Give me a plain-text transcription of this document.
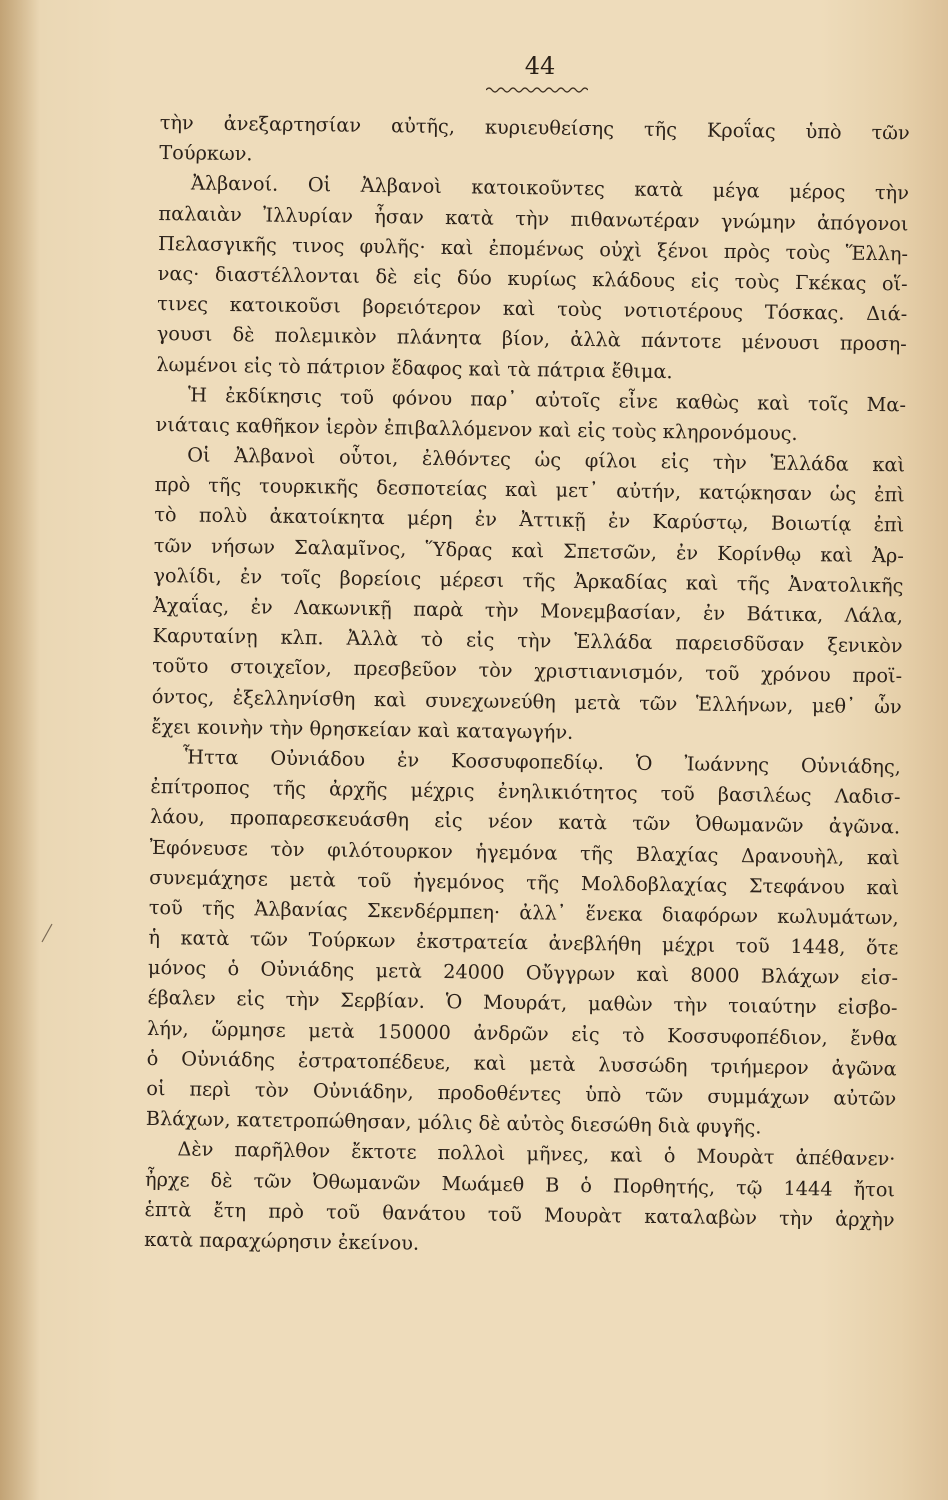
44
τὴν ἀνεξαρτησίαν αὐτῆς, κυριευθείσης τῆς Κροΐας ὑπὸ τῶν
Τούρκων.
Ἀλβανοί. Οἱ Ἀλβανοὶ κατοικοῦντες κατὰ μέγα μέρος τὴν
παλαιὰν Ἰλλυρίαν ἦσαν κατὰ τὴν πιθανωτέραν γνώμην ἀπόγονοι
Πελασγικῆς τινος φυλῆς· καὶ ἐπομένως οὐχὶ ξένοι πρὸς τοὺς Ἕλλη-
νας· διαστέλλονται δὲ εἰς δύο κυρίως κλάδους εἰς τοὺς Γκέκας οἵ-
τινες κατοικοῦσι βορειότερον καὶ τοὺς νοτιοτέρους Τόσκας. Διά-
γουσι δὲ πολεμικὸν πλάνητα βίον, ἀλλὰ πάντοτε μένουσι προση-
λωμένοι εἰς τὸ πάτριον ἔδαφος καὶ τὰ πάτρια ἔθιμα.
Ἡ ἐκδίκησις τοῦ φόνου παρ᾽ αὐτοῖς εἶνε καθὼς καὶ τοῖς Μα-
νιάταις καθῆκον ἱερὸν ἐπιβαλλόμενον καὶ εἰς τοὺς κληρονόμους.
Οἱ Ἀλβανοὶ οὗτοι, ἐλθόντες ὡς φίλοι εἰς τὴν Ἑλλάδα καὶ
πρὸ τῆς τουρκικῆς δεσποτείας καὶ μετ᾽ αὐτήν, κατῴκησαν ὡς ἐπὶ
τὸ πολὺ ἀκατοίκητα μέρη ἐν Ἀττικῇ ἐν Καρύστῳ, Βοιωτίᾳ ἐπὶ
τῶν νήσων Σαλαμῖνος, Ὕδρας καὶ Σπετσῶν, ἐν Κορίνθῳ καὶ Ἀρ-
γολίδι, ἐν τοῖς βορείοις μέρεσι τῆς Ἀρκαδίας καὶ τῆς Ἀνατολικῆς
Ἀχαΐας, ἐν Λακωνικῇ παρὰ τὴν Μονεμβασίαν, ἐν Βάτικα, Λάλα,
Καρυταίνῃ κλπ. Ἀλλὰ τὸ εἰς τὴν Ἑλλάδα παρεισδῦσαν ξενικὸν
τοῦτο στοιχεῖον, πρεσβεῦον τὸν χριστιανισμόν, τοῦ χρόνου προϊ-
όντος, ἐξελληνίσθη καὶ συνεχωνεύθη μετὰ τῶν Ἑλλήνων, μεθ᾽ ὧν
ἔχει κοινὴν τὴν θρησκείαν καὶ καταγωγήν.
Ἧττα Οὐνιάδου ἐν Κοσσυφοπεδίῳ. Ὁ Ἰωάννης Οὐνιάδης,
ἐπίτροπος τῆς ἀρχῆς μέχρις ἐνηλικιότητος τοῦ βασιλέως Λαδισ-
λάου, προπαρεσκευάσθη εἰς νέον κατὰ τῶν Ὀθωμανῶν ἀγῶνα.
Ἐφόνευσε τὸν φιλότουρκον ἡγεμόνα τῆς Βλαχίας Δρανουὴλ, καὶ
συνεμάχησε μετὰ τοῦ ἡγεμόνος τῆς Μολδοβλαχίας Στεφάνου καὶ
τοῦ τῆς Ἀλβανίας Σκενδέρμπεη· ἀλλ᾽ ἕνεκα διαφόρων κωλυμάτων,
ἡ κατὰ τῶν Τούρκων ἐκστρατεία ἀνεβλήθη μέχρι τοῦ 1448, ὅτε
μόνος ὁ Οὐνιάδης μετὰ 24000 Οὔγγρων καὶ 8000 Βλάχων εἰσ-
έβαλεν εἰς τὴν Σερβίαν. Ὁ Μουράτ, μαθὼν τὴν τοιαύτην εἰσβο-
λήν, ὥρμησε μετὰ 150000 ἀνδρῶν εἰς τὸ Κοσσυφοπέδιον, ἔνθα
ὁ Οὐνιάδης ἐστρατοπέδευε, καὶ μετὰ λυσσώδη τριήμερον ἀγῶνα
οἱ περὶ τὸν Οὐνιάδην, προδοθέντες ὑπὸ τῶν συμμάχων αὐτῶν
Βλάχων, κατετροπώθησαν, μόλις δὲ αὐτὸς διεσώθη διὰ φυγῆς.
Δὲν παρῆλθον ἔκτοτε πολλοὶ μῆνες, καὶ ὁ Μουρὰτ ἀπέθανεν·
ἦρχε δὲ τῶν Ὀθωμανῶν Μωάμεθ Β ὁ Πορθητής, τῷ 1444 ἤτοι
ἑπτὰ ἔτη πρὸ τοῦ θανάτου τοῦ Μουρὰτ καταλαβὼν τὴν ἀρχὴν
κατὰ παραχώρησιν ἐκείνου.
